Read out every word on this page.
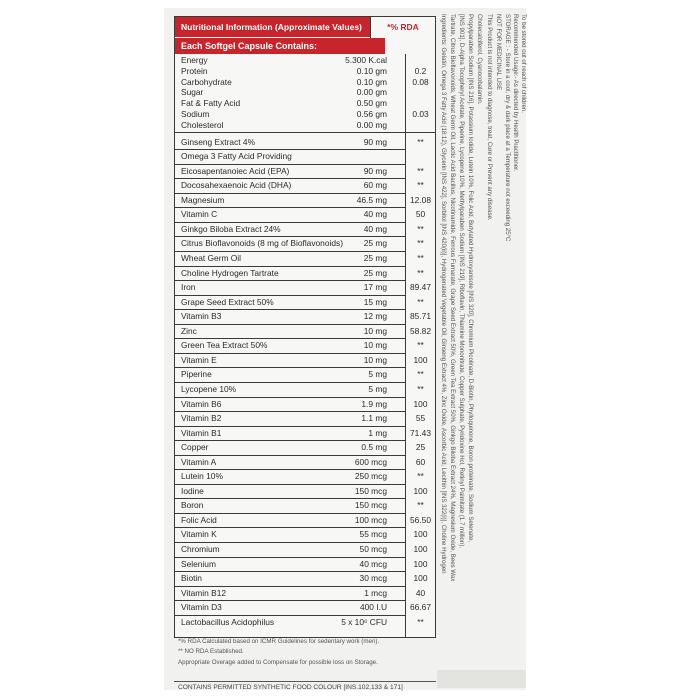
Nutritional Information (Approximate Values)	*% RDA
Each Softgel Capsule Contains:
Energy	5.300 K.cal
Protein	0.10 gm	0.2
Carbohydrate	0.10 gm	0.08
Sugar	0.00 gm
Fat & Fatty Acid	0.50 gm
Sodium	0.56 gm	0.03
Cholesterol	0.00 mg
Ginseng Extract 4%	90 mg	**
Omega 3 Fatty Acid Providing
Eicosapentanoiec Acid (EPA)	90 mg	**
Docosahexaenoic Acid (DHA)	60 mg	**
Magnesium	46.5 mg	12.08
Vitamin C	40 mg	50
Ginkgo Biloba Extract 24%	40 mg	**
Citrus Bioflavonoids (8 mg of Bioflavonoids) 25 mg	**
Wheat Germ Oil	25 mg	**
Choline Hydrogen Tartrate	25 mg	**
Iron	17 mg	89.47
Grape Seed Extract 50%	15 mg	**
Vitamin B3	12 mg	85.71
Zinc	10 mg	58.82
Green Tea Extract 50%	10 mg	**
Vitamin E	10 mg	100
Piperine	5 mg	**
Lycopene 10%	5 mg	**
Vitamin B6	1.9 mg	100
Vitamin B2	1.1 mg	55
Vitamin B1	1 mg	71.43
Copper	0.5 mg	25
Vitamin A	600 mcg	60
Lutein 10%	250 mcg	**
Iodine	150 mcg	100
Boron	150 mcg	**
Folic Acid	100 mcg	56.50
Vitamin K	55 mcg	100
Chromium	50 mcg	100
Selenium	40 mcg	100
Biotin	30 mcg	100
Vitamin B12	1 mcg	40
Vitamin D3	400 I.U	66.67
Lactobacillus Acidophilus	5 x 10⁶ CFU	**
*% RDA Calculated based on ICMR Guidelines for sedentary work (men).
** NO RDA Established.
Appropriate Overage added to Compensate for possible loss on Storage.
CONTAINS PERMITTED SYNTHETIC FOOD COLOUR [INS.102,133 & 171]
Ingredients: Gelatin, Omega 3 Fatty Acid (18:12), Glycerin [INS 422], Sorbitol [INS 420(ii)], Hydrogenated Vegetable Oil, Ginseng Extract 4%, Zinc Oxide, Ascorbic Acid, Lecithin [INS 322(i)], Choline Hydrogen Tartrate, Citrus Bioflavonoids, Wheat Germ Oil, Lactic Acid Bacillus, Nicotinamide, Ferrous Fumarate, Grape Seed Extract 50%, Green Tea Extract 50%, Ginkgo Biloba Extract 24%, Magnesium Oxide, Bees Wax [INS 901], D-Alpha Tocopheryl Acetate, Piperine, Lycopene 10%, Methylparaben Sodium [INS 219], Riboflavin, Thiamine Mononitrate, Copper Sulphate, Pyridoxine Hcl, Retinyl Palmitate (1.7 million), Propylparaben Sodium [INS 216], Potassium Iodide, Lutein 10%, Folic Acid, Butylated Hydroxyanisole [INS 320], Chromium Picolinate, D-Biotin, Phylloquinone, Boron proteinate, Sodium Selenate, Cholecalciferol, Cyanocobalamin. This Product is not intended to diagnose, treat, Cure or Prevent any disease. NOT FOR MEDICINAL USE STORAGE : - Store in a cool, dry & dark place at a Temperature not exceeding 25°C Recommended Usage:- As directed by Health Practitioner. To be stored out of reach of children.
